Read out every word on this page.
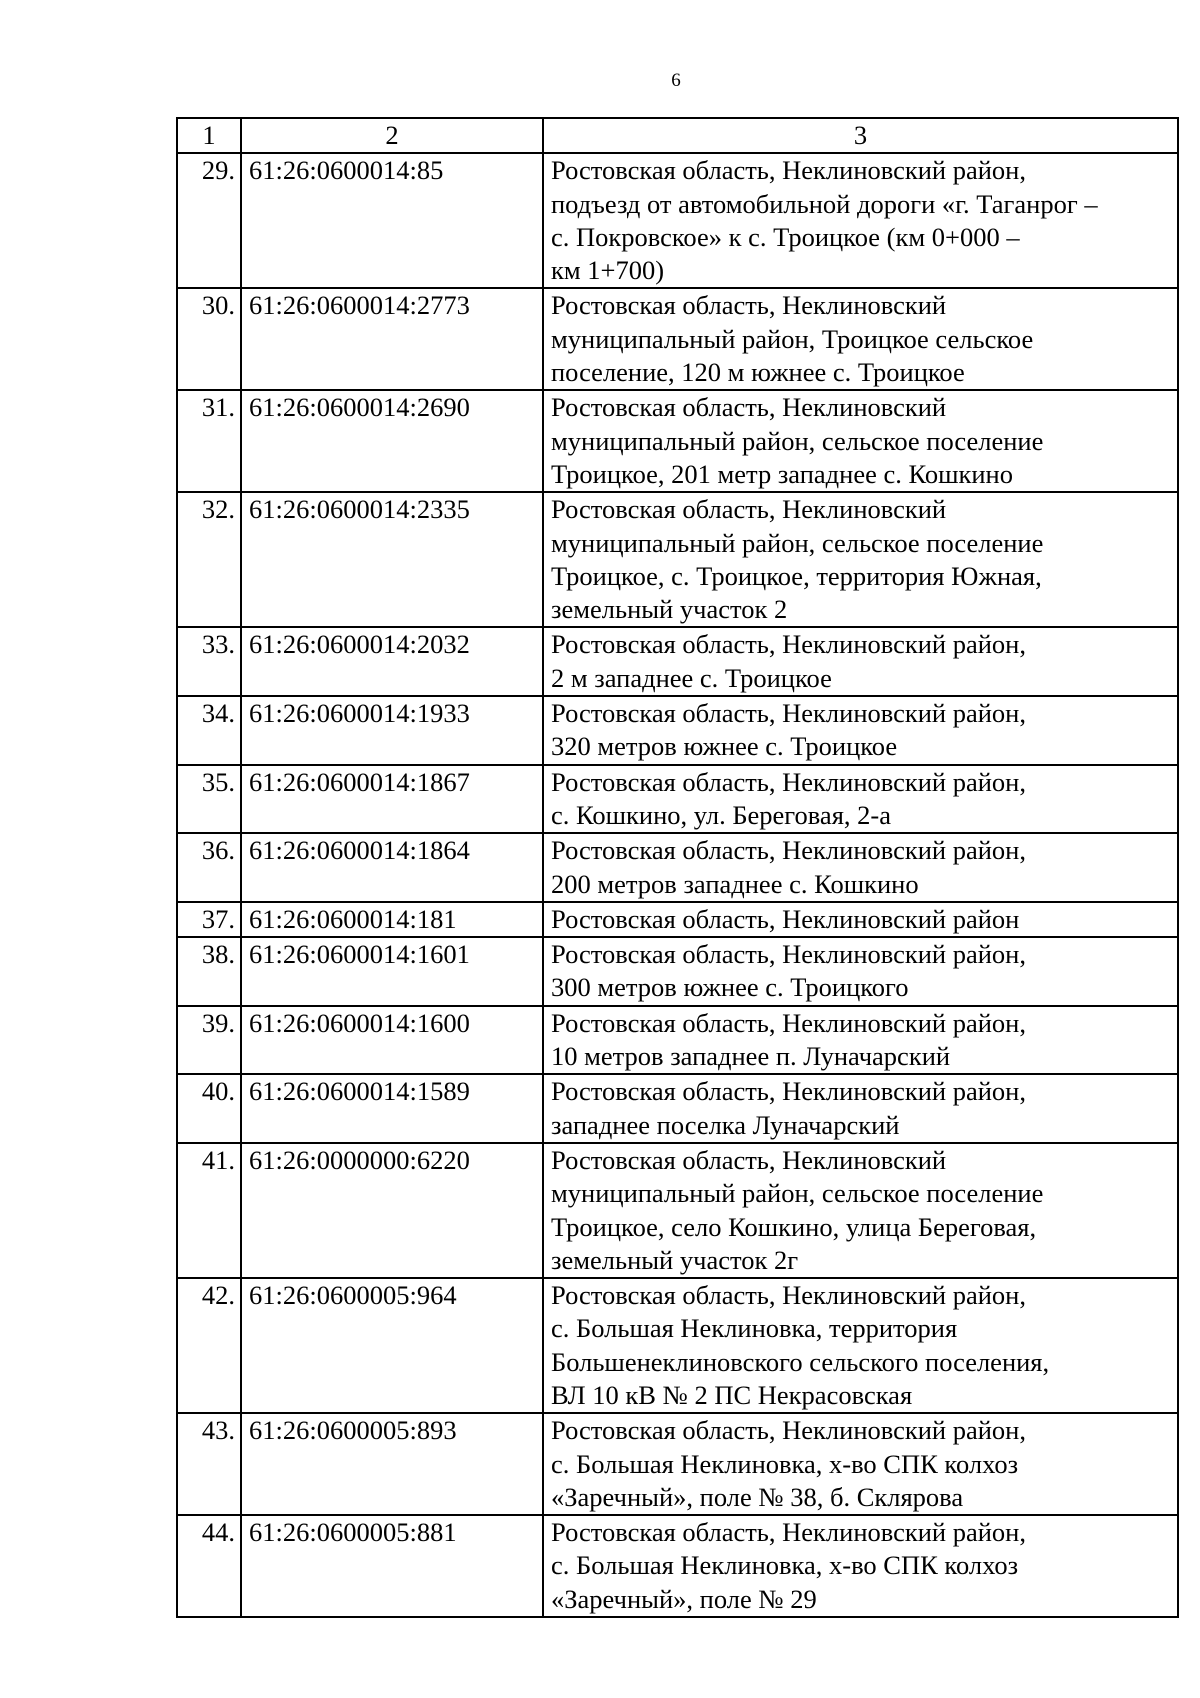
6
1	2	3
29.	61:26:0600014:85	Ростовская область, Неклиновский район,
подъезд от автомобильной дороги «г. Таганрог –
с. Покровское» к с. Троицкое (км 0+000 –
км 1+700)
30.	61:26:0600014:2773	Ростовская область, Неклиновский
муниципальный район, Троицкое сельское
поселение, 120 м южнее с. Троицкое
31.	61:26:0600014:2690	Ростовская область, Неклиновский
муниципальный район, сельское поселение
Троицкое, 201 метр западнее с. Кошкино
32.	61:26:0600014:2335	Ростовская область, Неклиновский
муниципальный район, сельское поселение
Троицкое, с. Троицкое, территория Южная,
земельный участок 2
33.	61:26:0600014:2032	Ростовская область, Неклиновский район,
2 м западнее с. Троицкое
34.	61:26:0600014:1933	Ростовская область, Неклиновский район,
320 метров южнее с. Троицкое
35.	61:26:0600014:1867	Ростовская область, Неклиновский район,
с. Кошкино, ул. Береговая, 2-а
36.	61:26:0600014:1864	Ростовская область, Неклиновский район,
200 метров западнее с. Кошкино
37.	61:26:0600014:181	Ростовская область, Неклиновский район
38.	61:26:0600014:1601	Ростовская область, Неклиновский район,
300 метров южнее с. Троицкого
39.	61:26:0600014:1600	Ростовская область, Неклиновский район,
10 метров западнее п. Луначарский
40.	61:26:0600014:1589	Ростовская область, Неклиновский район,
западнее поселка Луначарский
41.	61:26:0000000:6220	Ростовская область, Неклиновский
муниципальный район, сельское поселение
Троицкое, село Кошкино, улица Береговая,
земельный участок 2г
42.	61:26:0600005:964	Ростовская область, Неклиновский район,
с. Большая Неклиновка, территория
Большенеклиновского сельского поселения,
ВЛ 10 кВ № 2 ПС Некрасовская
43.	61:26:0600005:893	Ростовская область, Неклиновский район,
с. Большая Неклиновка, х-во СПК колхоз
«Заречный», поле № 38, б. Склярова
44.	61:26:0600005:881	Ростовская область, Неклиновский район,
с. Большая Неклиновка, х-во СПК колхоз
«Заречный», поле № 29
